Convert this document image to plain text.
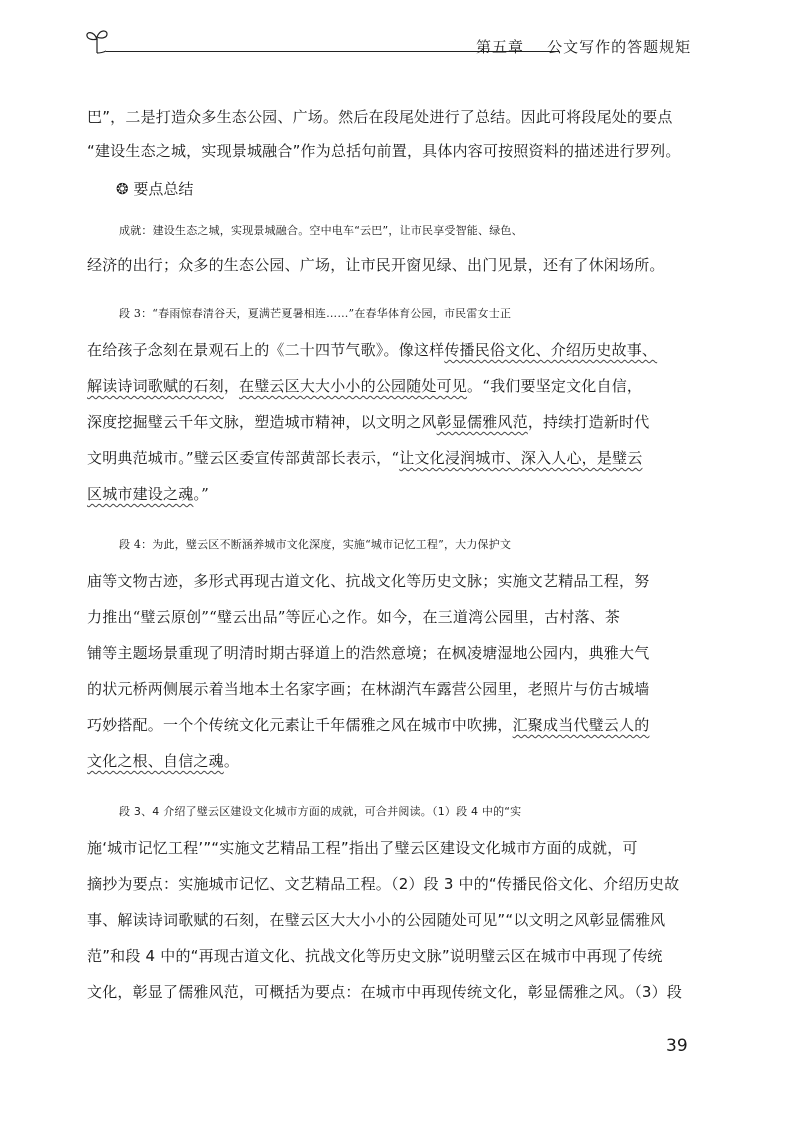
第五章 公文写作的答题规矩
巴”，二是打造众多生态公园、广场。然后在段尾处进行了总结。因此可将段尾处的要点
“建设生态之城，实现景城融合”作为总括句前置，具体内容可按照资料的描述进行罗列。
❂ 要点总结
成就：建设生态之城，实现景城融合。空中电车“云巴”，让市民享受智能、绿色、
经济的出行；众多的生态公园、广场，让市民开窗见绿、出门见景，还有了休闲场所。
段 3：“春雨惊春清谷天，夏满芒夏暑相连……”在春华体育公园，市民雷女士正
在给孩子念刻在景观石上的《二十四节气歌》。像这样传播民俗文化、介绍历史故事、
解读诗词歌赋的石刻，在璧云区大大小小的公园随处可见。“我们要坚定文化自信，
深度挖掘璧云千年文脉，塑造城市精神，以文明之风彰显儒雅风范，持续打造新时代
文明典范城市。”璧云区委宣传部黄部长表示，“让文化浸润城市、深入人心，是璧云
区城市建设之魂。”
段 4：为此，璧云区不断涵养城市文化深度，实施“城市记忆工程”，大力保护文
庙等文物古迹，多形式再现古道文化、抗战文化等历史文脉；实施文艺精品工程，努
力推出“璧云原创”“璧云出品”等匠心之作。如今，在三道湾公园里，古村落、茶
铺等主题场景重现了明清时期古驿道上的浩然意境；在枫凌塘湿地公园内，典雅大气
的状元桥两侧展示着当地本土名家字画；在林湖汽车露营公园里，老照片与仿古城墙
巧妙搭配。一个个传统文化元素让千年儒雅之风在城市中吹拂，汇聚成当代璧云人的
文化之根、自信之魂。
段 3、4 介绍了璧云区建设文化城市方面的成就，可合并阅读。（1）段 4 中的“实
施‘城市记忆工程’”“实施文艺精品工程”指出了璧云区建设文化城市方面的成就，可
摘抄为要点：实施城市记忆、文艺精品工程。（2）段 3 中的“传播民俗文化、介绍历史故
事、解读诗词歌赋的石刻，在璧云区大大小小的公园随处可见”“以文明之风彰显儒雅风
范”和段 4 中的“再现古道文化、抗战文化等历史文脉”说明璧云区在城市中再现了传统
文化，彰显了儒雅风范，可概括为要点：在城市中再现传统文化，彰显儒雅之风。（3）段
39
